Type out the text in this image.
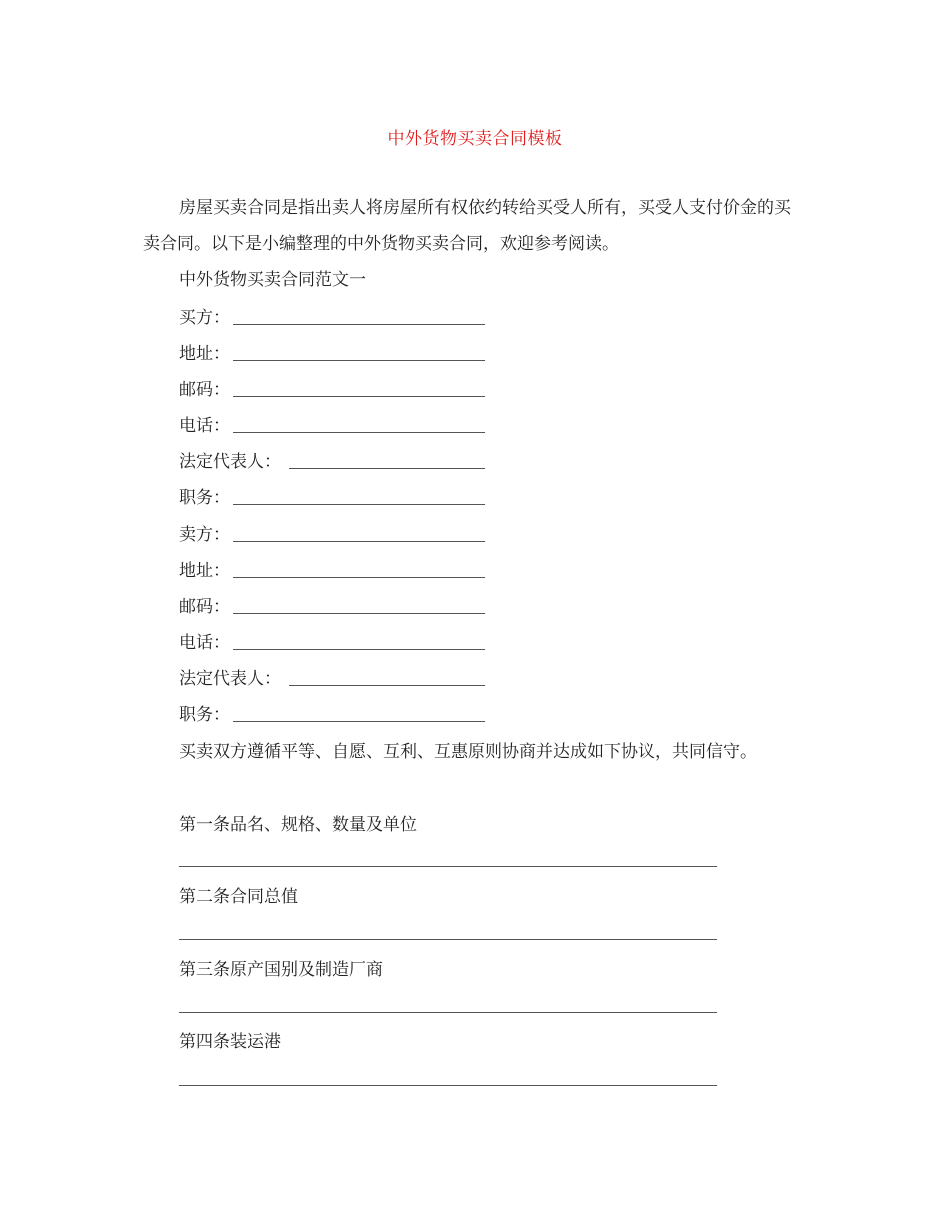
中外货物买卖合同模板

房屋买卖合同是指出卖人将房屋所有权依约转给买受人所有，买受人支付价金的买卖合同。以下是小编整理的中外货物买卖合同，欢迎参考阅读。

中外货物买卖合同范文一
买方：
地址：
邮码：
电话：
法定代表人：
职务：
卖方：
地址：
邮码：
电话：
法定代表人：
职务：

买卖双方遵循平等、自愿、互利、互惠原则协商并达成如下协议，共同信守。

第一条品名、规格、数量及单位
第二条合同总值
第三条原产国别及制造厂商
第四条装运港
